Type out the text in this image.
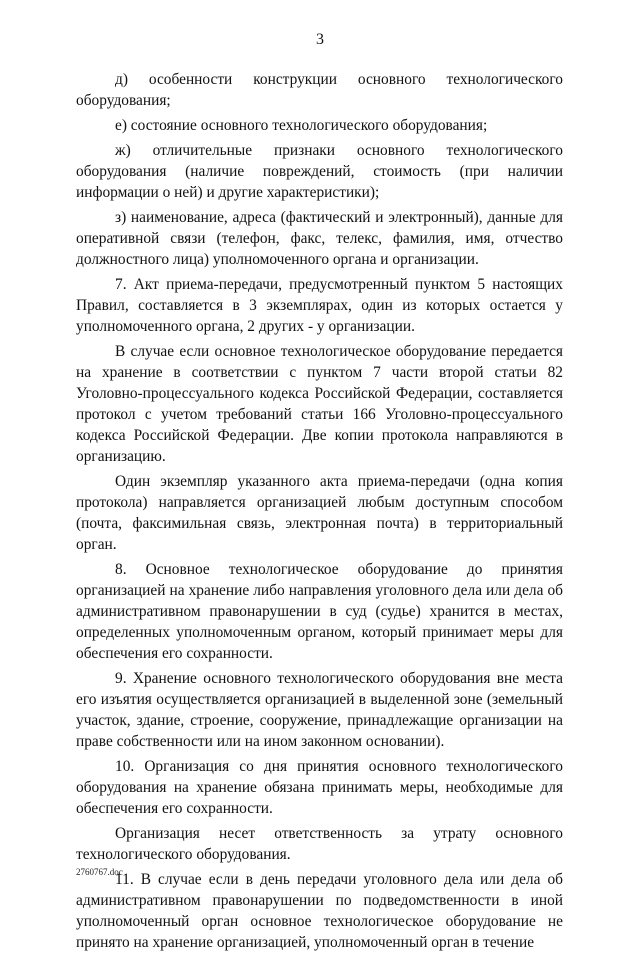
3

д) особенности конструкции основного технологического оборудования;

е) состояние основного технологического оборудования;

ж) отличительные признаки основного технологического оборудования (наличие повреждений, стоимость (при наличии информации о ней) и другие характеристики);

з) наименование, адреса (фактический и электронный), данные для оперативной связи (телефон, факс, телекс, фамилия, имя, отчество должностного лица) уполномоченного органа и организации.

7. Акт приема-передачи, предусмотренный пунктом 5 настоящих Правил, составляется в 3 экземплярах, один из которых остается у уполномоченного органа, 2 других - у организации.

В случае если основное технологическое оборудование передается на хранение в соответствии с пунктом 7 части второй статьи 82 Уголовно-процессуального кодекса Российской Федерации, составляется протокол с учетом требований статьи 166 Уголовно-процессуального кодекса Российской Федерации. Две копии протокола направляются в организацию.

Один экземпляр указанного акта приема-передачи (одна копия протокола) направляется организацией любым доступным способом (почта, факсимильная связь, электронная почта) в территориальный орган.

8. Основное технологическое оборудование до принятия организацией на хранение либо направления уголовного дела или дела об административном правонарушении в суд (судье) хранится в местах, определенных уполномоченным органом, который принимает меры для обеспечения его сохранности.

9. Хранение основного технологического оборудования вне места его изъятия осуществляется организацией в выделенной зоне (земельный участок, здание, строение, сооружение, принадлежащие организации на праве собственности или на ином законном основании).

10. Организация со дня принятия основного технологического оборудования на хранение обязана принимать меры, необходимые для обеспечения его сохранности.

Организация несет ответственность за утрату основного технологического оборудования.

11. В случае если в день передачи уголовного дела или дела об административном правонарушении по подведомственности в иной уполномоченный орган основное технологическое оборудование не принято на хранение организацией, уполномоченный орган в течение

2760767.doc
